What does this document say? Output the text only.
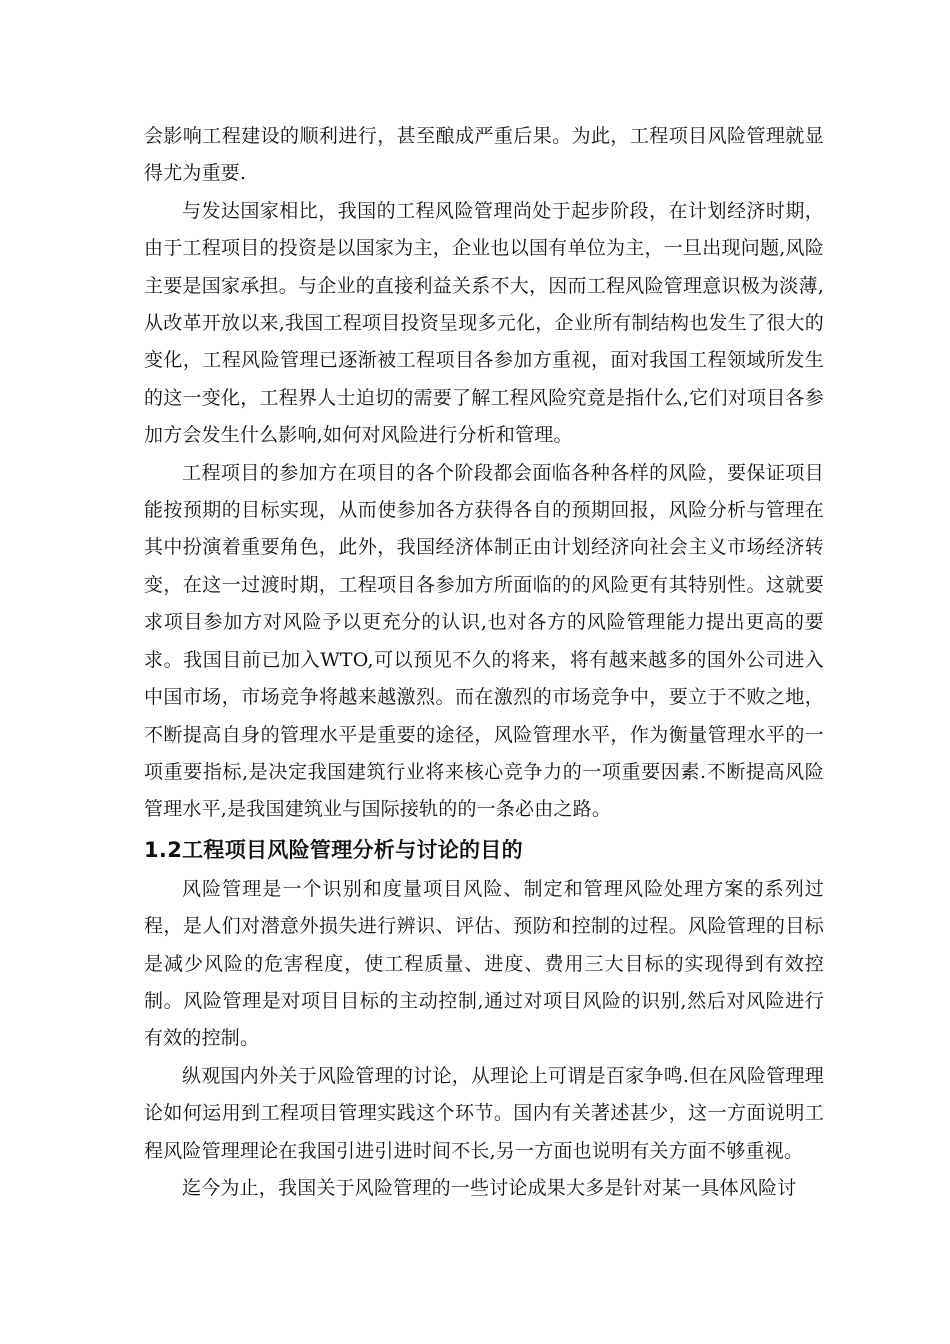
会影响工程建设的顺利进行，甚至酿成严重后果。为此，工程项目风险管理就显得尤为重要.

与发达国家相比，我国的工程风险管理尚处于起步阶段，在计划经济时期，由于工程项目的投资是以国家为主，企业也以国有单位为主，一旦出现问题,风险主要是国家承担。与企业的直接利益关系不大，因而工程风险管理意识极为淡薄,从改革开放以来,我国工程项目投资呈现多元化，企业所有制结构也发生了很大的变化，工程风险管理已逐渐被工程项目各参加方重视，面对我国工程领域所发生的这一变化，工程界人士迫切的需要了解工程风险究竟是指什么,它们对项目各参加方会发生什么影响,如何对风险进行分析和管理。

工程项目的参加方在项目的各个阶段都会面临各种各样的风险，要保证项目能按预期的目标实现，从而使参加各方获得各自的预期回报，风险分析与管理在其中扮演着重要角色，此外，我国经济体制正由计划经济向社会主义市场经济转变，在这一过渡时期，工程项目各参加方所面临的的风险更有其特别性。这就要求项目参加方对风险予以更充分的认识,也对各方的风险管理能力提出更高的要求。我国目前已加入WTO,可以预见不久的将来，将有越来越多的国外公司进入中国市场，市场竞争将越来越激烈。而在激烈的市场竞争中，要立于不败之地，不断提高自身的管理水平是重要的途径，风险管理水平，作为衡量管理水平的一项重要指标,是决定我国建筑行业将来核心竞争力的一项重要因素.不断提高风险管理水平,是我国建筑业与国际接轨的的一条必由之路。

1.2工程项目风险管理分析与讨论的目的

风险管理是一个识别和度量项目风险、制定和管理风险处理方案的系列过程，是人们对潜意外损失进行辨识、评估、预防和控制的过程。风险管理的目标是减少风险的危害程度，使工程质量、进度、费用三大目标的实现得到有效控制。风险管理是对项目目标的主动控制,通过对项目风险的识别,然后对风险进行有效的控制。

纵观国内外关于风险管理的讨论，从理论上可谓是百家争鸣.但在风险管理理论如何运用到工程项目管理实践这个环节。国内有关著述甚少，这一方面说明工程风险管理理论在我国引进引进时间不长,另一方面也说明有关方面不够重视。

迄今为止，我国关于风险管理的一些讨论成果大多是针对某一具体风险讨
